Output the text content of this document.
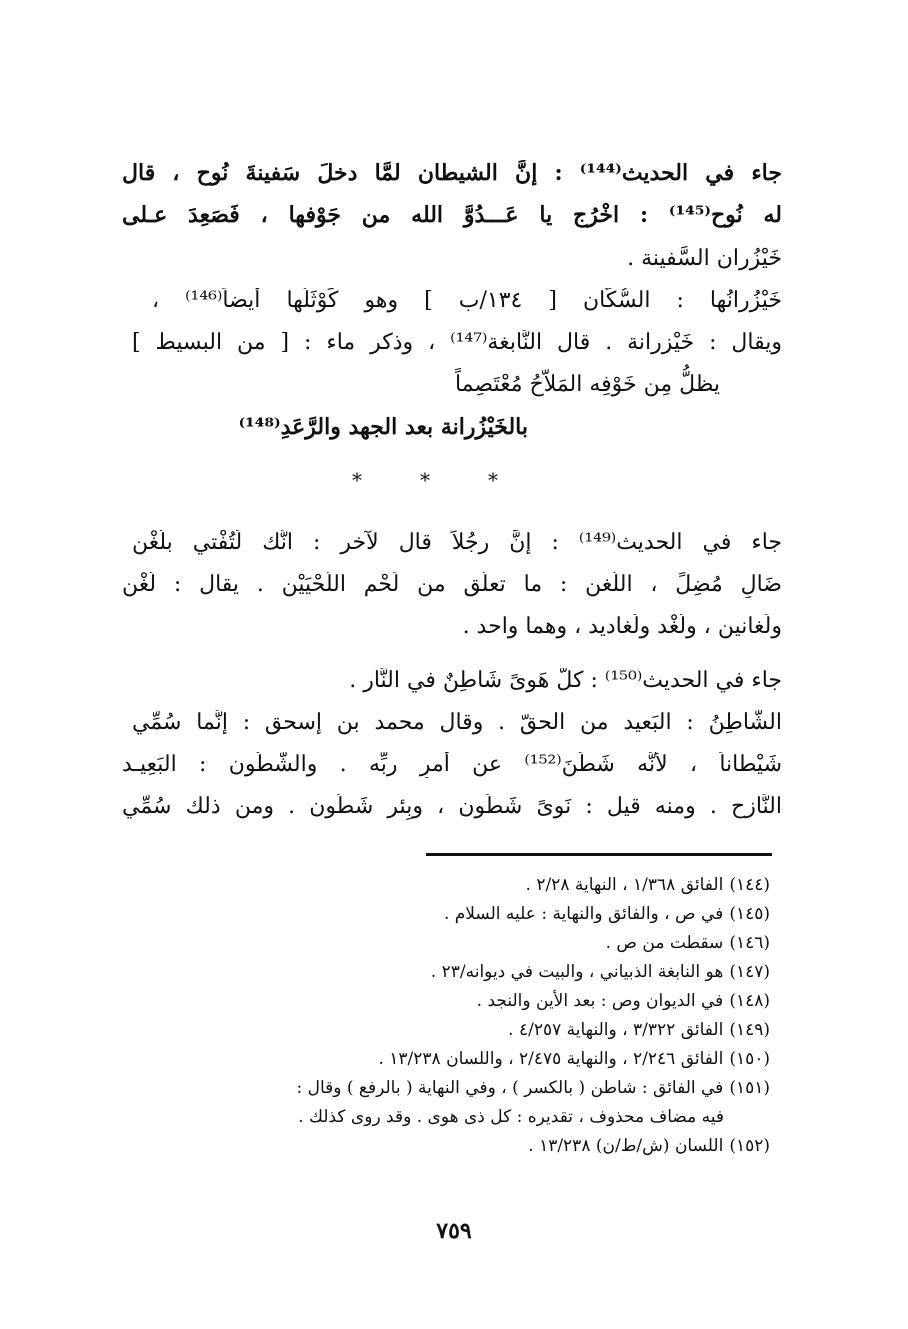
جاء في الحديث⁽¹⁴⁴⁾ : إنَّ الشيطان لمَّا دخلَ سَفينةَ نُوح ، قال
له نُوح⁽¹⁴⁵⁾ : اخْرُج يا عَـــدُوَّ الله من جَوْفها ، فَصَعِدَ عـلى
خَيْزُران السَّفينة .
خَيْزُرانُها : السُّكَّان [ ١٣٤/ب ] وهو كَوْثَلُها أيضاً⁽¹⁴⁶⁾ ،
ويقال : خَيْزرانة . قال النَّابغة⁽¹⁴⁷⁾ ، وذكر ماء : [ من البسيط ]
يظلُّ مِن خَوْفِه المَلاّحُ مُعْتَصِماً
بالخَيْزُرانة بعد الجهد والرَّعَدِ⁽¹⁴⁸⁾
***
جاء في الحديث⁽¹⁴⁹⁾ : إنَّ رجُلاً قال لآخر : انَّك لَتُفْتي بلُغْن
ضَالٍ مُضِلٍّ ، اللُّغن : ما تعلَّق من لَحْم اللَّحْيَيْن . يقال : لُغْن
ولَغانين ، ولُغْد ولَغاديد ، وهما واحد .
جاء في الحديث⁽¹⁵⁰⁾ : كلُّ هَوىً شَاطِنٌ في النَّار .
الشَّاطِنُ : البَعيد من الحقّ . وقال محمد بن إسحق : إنَّما سُمِّي
شَيْطاناً ، لأنَّه شَطَنَ⁽¹⁵²⁾ عن أمرِ ربِّه . والشُّطُون : البَعِيـد
النَّازح . ومنه قيل : نَوىً شَطُون ، وبِئر شَطُون . ومن ذلك سُمِّي
(١٤٤)الفائق ١/٣٦٨ ، النهاية ٢/٢٨ .
(١٤٥)في ص ، والفائق والنهاية : عليه السلام .
(١٤٦)سقطت من ص .
(١٤٧)هو النابغة الذبياني ، والبيت في ديوانه/٢٣ .
(١٤٨)في الديوان وص : بعد الأين والنجد .
(١٤٩)الفائق ٣/٣٢٢ ، والنهاية ٤/٢٥٧ .
(١٥٠)الفائق ٢/٢٤٦ ، والنهاية ٢/٤٧٥ ، واللسان ١٣/٢٣٨ .
(١٥١)في الفائق : شاطن ( بالكسر ) ، وفي النهاية ( بالرفع ) وقال :
فيه مضاف محذوف ، تقديره : كل ذى هوى . وقد روى كذلك .
(١٥٢)اللسان (ش/ط/ن) ١٣/٢٣٨ .
٧٥٩
